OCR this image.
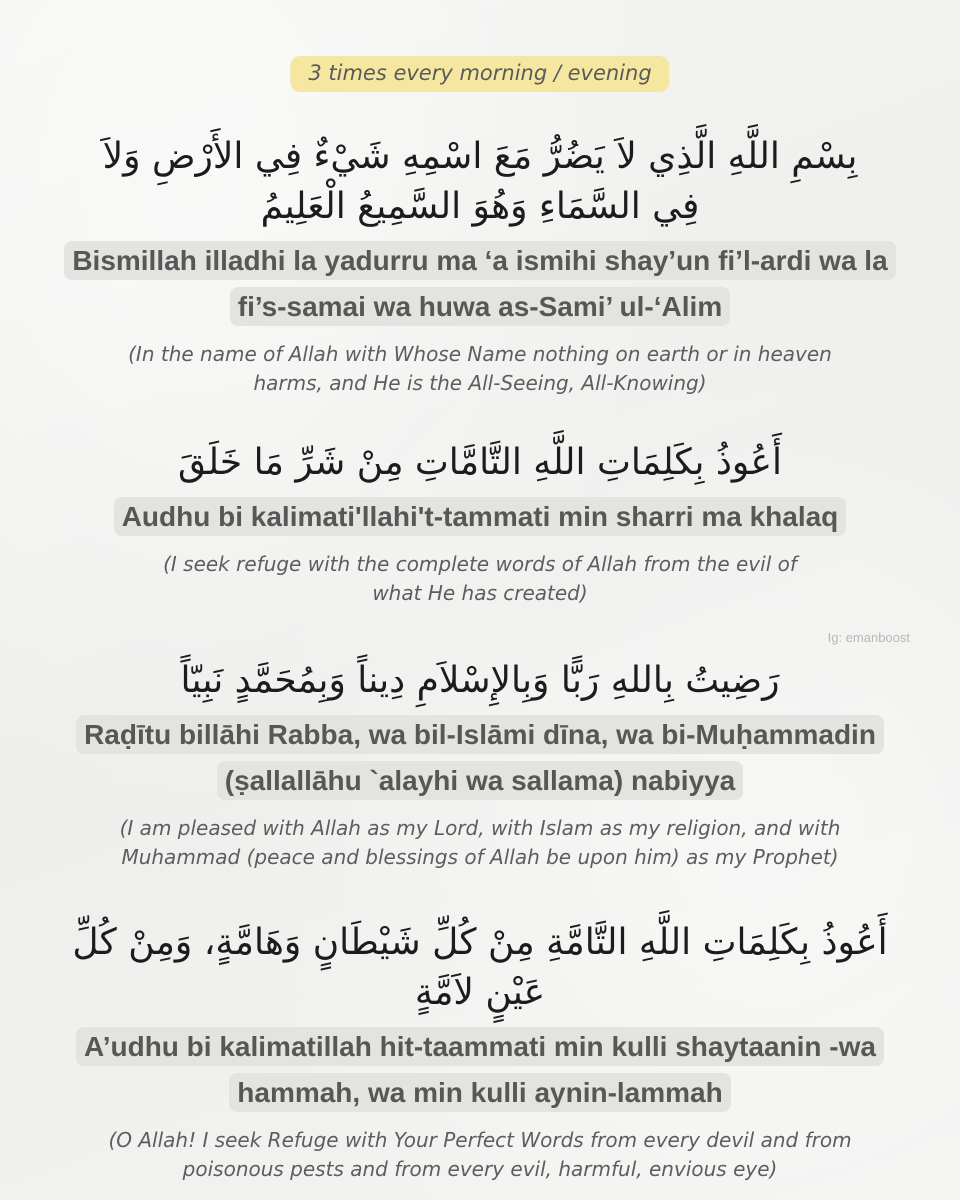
3 times every morning / evening
بِسْمِ اللَّهِ الَّذِي لاَ يَضُرُّ مَعَ اسْمِهِ شَيْءٌ فِي الأَرْضِ وَلاَ فِي السَّمَاءِ وَهُوَ السَّمِيعُ الْعَلِيمُ
Bismillah illadhi la yadurru ma ‘a ismihi shay’un fi’l-ardi wa la fi’s-samai wa huwa as-Sami’ ul-‘Alim
(In the name of Allah with Whose Name nothing on earth or in heaven harms, and He is the All-Seeing, All-Knowing)
أَعُوذُ بِكَلِمَاتِ اللَّهِ التَّامَّاتِ مِنْ شَرِّ مَا خَلَقَ
Audhu bi kalimati'llahi't-tammati min sharri ma khalaq
(I seek refuge with the complete words of Allah from the evil of what He has created)
Ig: emanboost
رَضِيتُ بِاللهِ رَبًّا وَبِالإِسْلاَمِ دِيناً وَبِمُحَمَّدٍ نَبِيّاً
Raḍītu billāhi Rabba, wa bil-Islāmi dīna, wa bi-Muḥammadin (ṣallallāhu `alayhi wa sallama) nabiyya
(I am pleased with Allah as my Lord, with Islam as my religion, and with Muhammad (peace and blessings of Allah be upon him) as my Prophet)
أَعُوذُ بِكَلِمَاتِ اللَّهِ التَّامَّةِ مِنْ كُلِّ شَيْطَانٍ وَهَامَّةٍ، وَمِنْ كُلِّ عَيْنٍ لاَمَّةٍ
A’udhu bi kalimatillah hit-taammati min kulli shaytaanin -wa hammah, wa min kulli aynin-lammah
(O Allah! I seek Refuge with Your Perfect Words from every devil and from poisonous pests and from every evil, harmful, envious eye)
